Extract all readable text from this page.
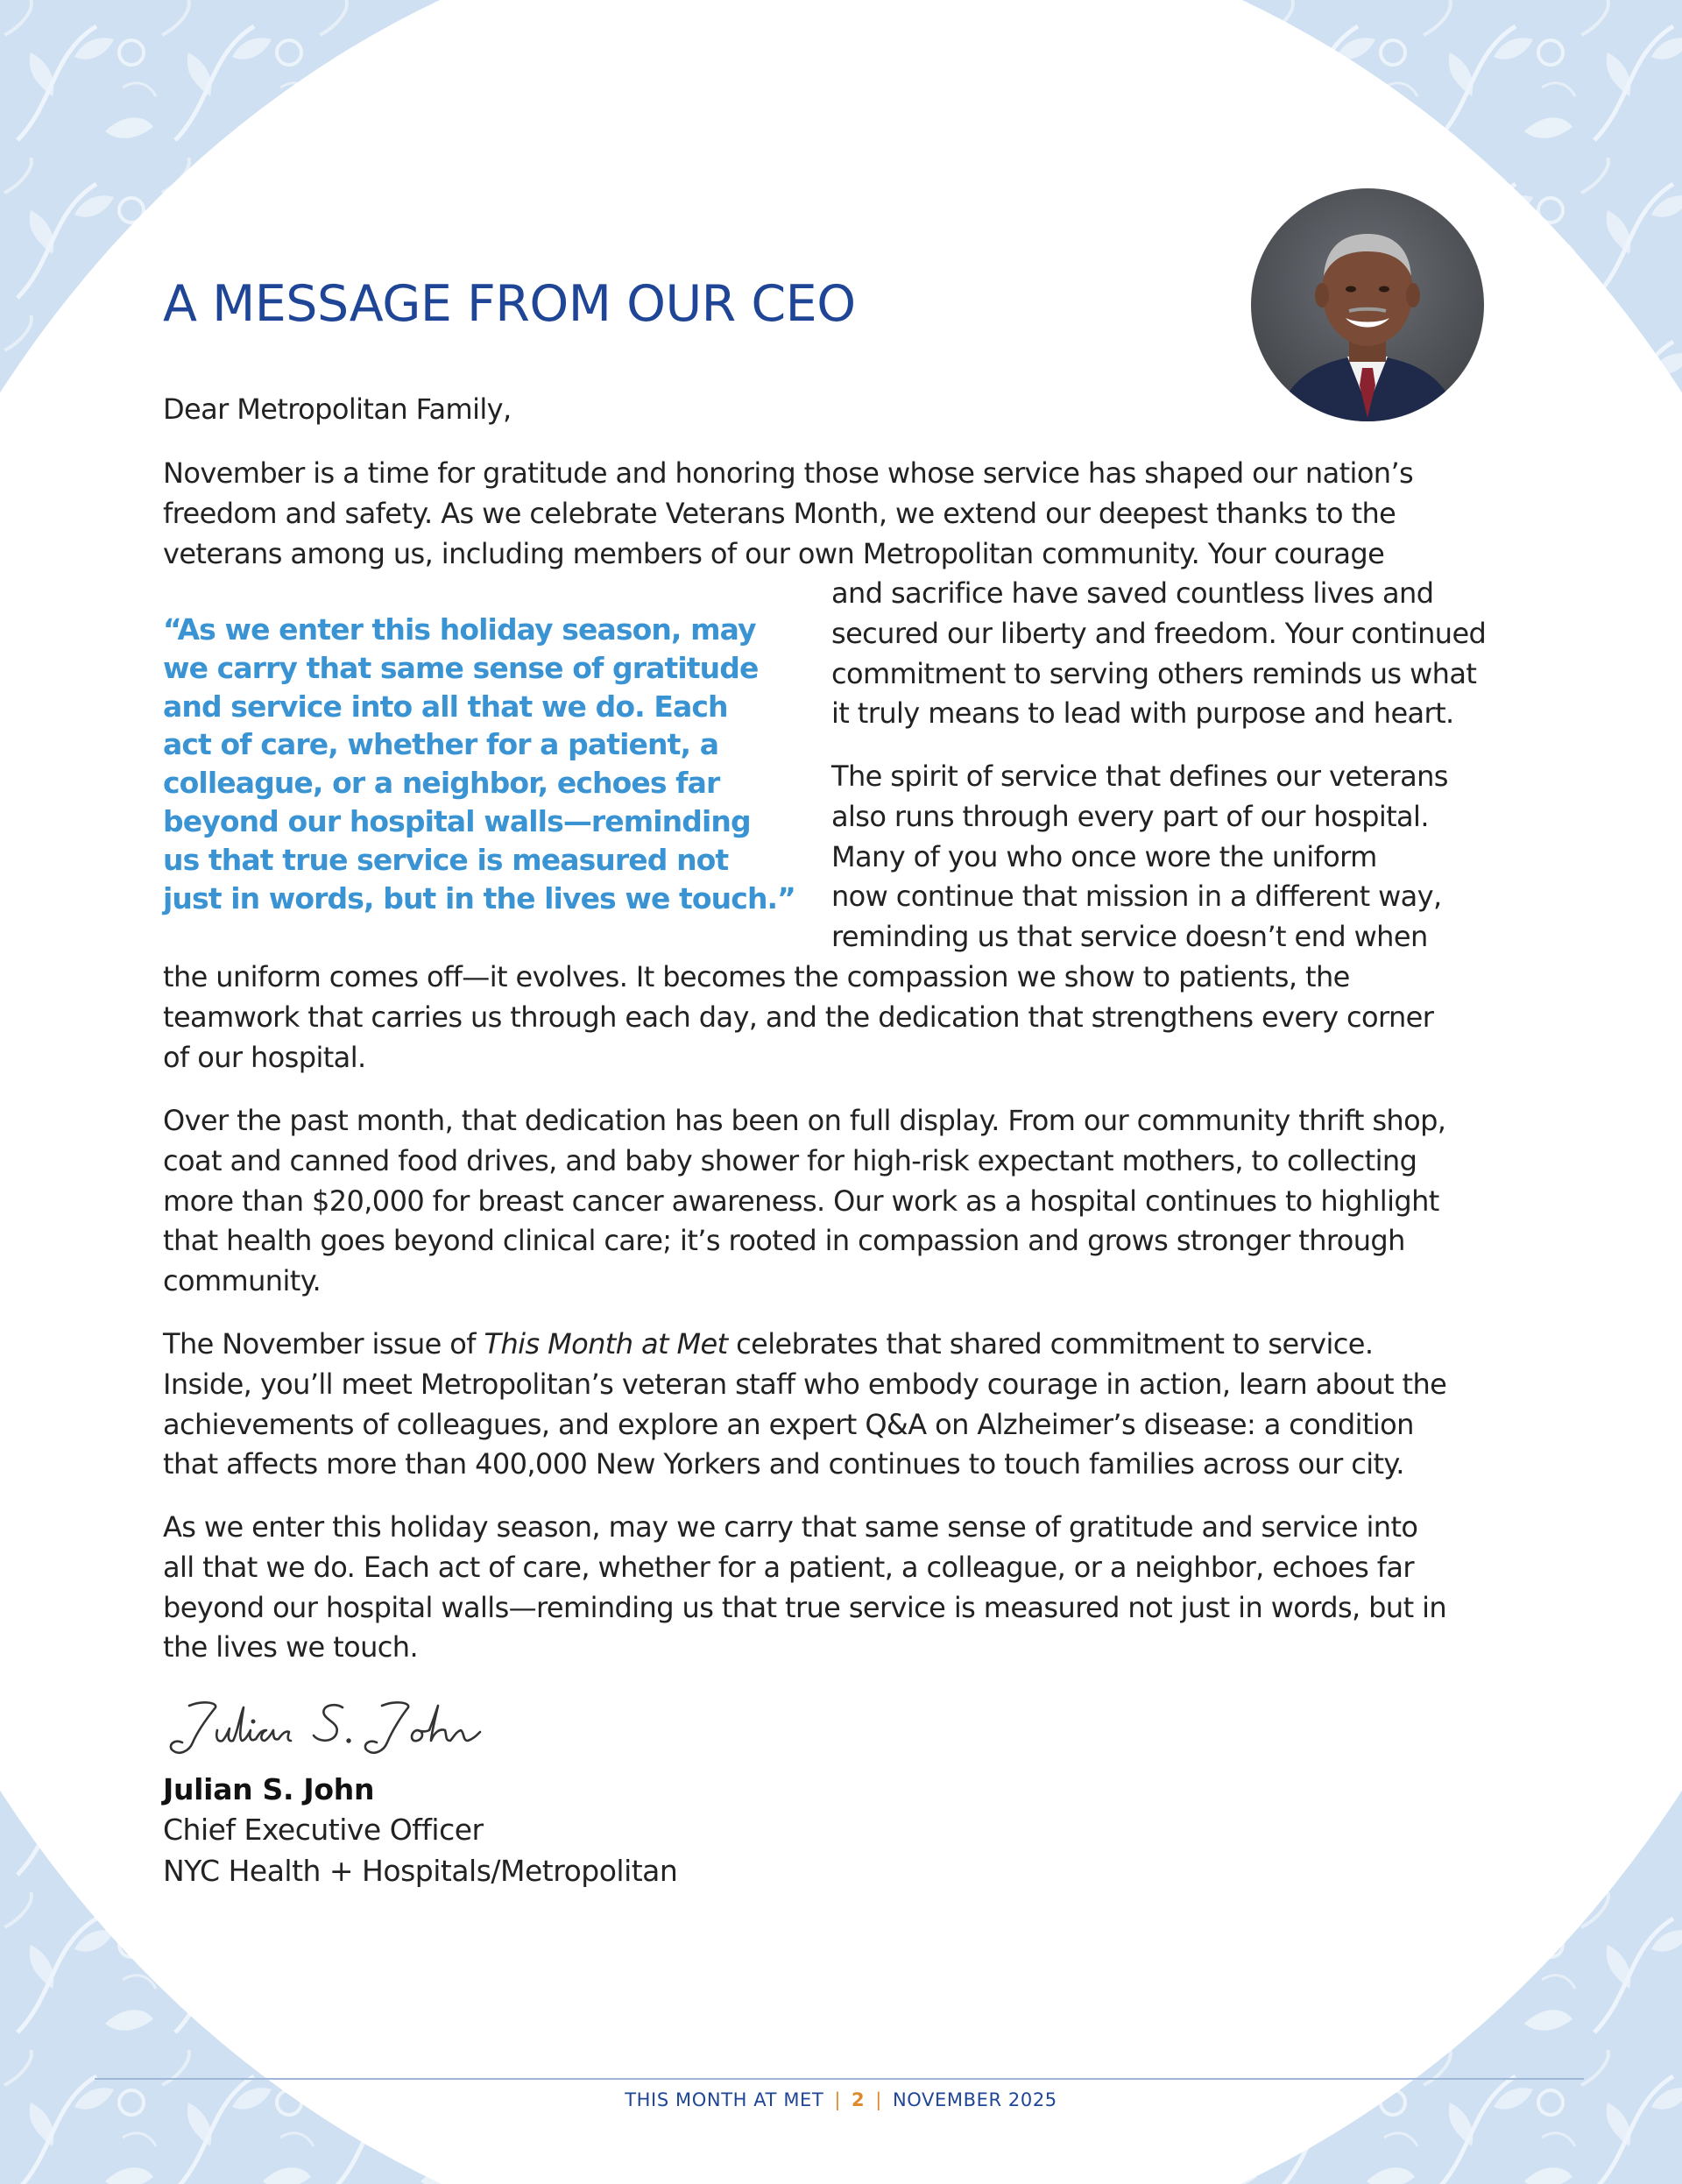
A MESSAGE FROM OUR CEO

Dear Metropolitan Family,

November is a time for gratitude and honoring those whose service has shaped our nation’s
freedom and safety. As we celebrate Veterans Month, we extend our deepest thanks to the
veterans among us, including members of our own Metropolitan community. Your courage
and sacrifice have saved countless lives and
secured our liberty and freedom. Your continued
commitment to serving others reminds us what
it truly means to lead with purpose and heart.
The spirit of service that defines our veterans
also runs through every part of our hospital.
Many of you who once wore the uniform
now continue that mission in a different way,
reminding us that service doesn’t end when
the uniform comes off—it evolves. It becomes the compassion we show to patients, the
teamwork that carries us through each day, and the dedication that strengthens every corner
of our hospital.
Over the past month, that dedication has been on full display. From our community thrift shop,
coat and canned food drives, and baby shower for high-risk expectant mothers, to collecting
more than $20,000 for breast cancer awareness. Our work as a hospital continues to highlight
that health goes beyond clinical care; it’s rooted in compassion and grows stronger through
community.
The November issue of This Month at Met celebrates that shared commitment to service.
Inside, you’ll meet Metropolitan’s veteran staff who embody courage in action, learn about the
achievements of colleagues, and explore an expert Q&A on Alzheimer’s disease: a condition
that affects more than 400,000 New Yorkers and continues to touch families across our city.
As we enter this holiday season, may we carry that same sense of gratitude and service into
all that we do. Each act of care, whether for a patient, a colleague, or a neighbor, echoes far
beyond our hospital walls—reminding us that true service is measured not just in words, but in
the lives we touch.
“As we enter this holiday season, may
we carry that same sense of gratitude
and service into all that we do. Each
act of care, whether for a patient, a
colleague, or a neighbor, echoes far
beyond our hospital walls—reminding
us that true service is measured not
just in words, but in the lives we touch.”
Julian S. John
Chief Executive Officer
NYC Health + Hospitals/Metropolitan
THIS MONTH AT MET | 2 | NOVEMBER 2025
